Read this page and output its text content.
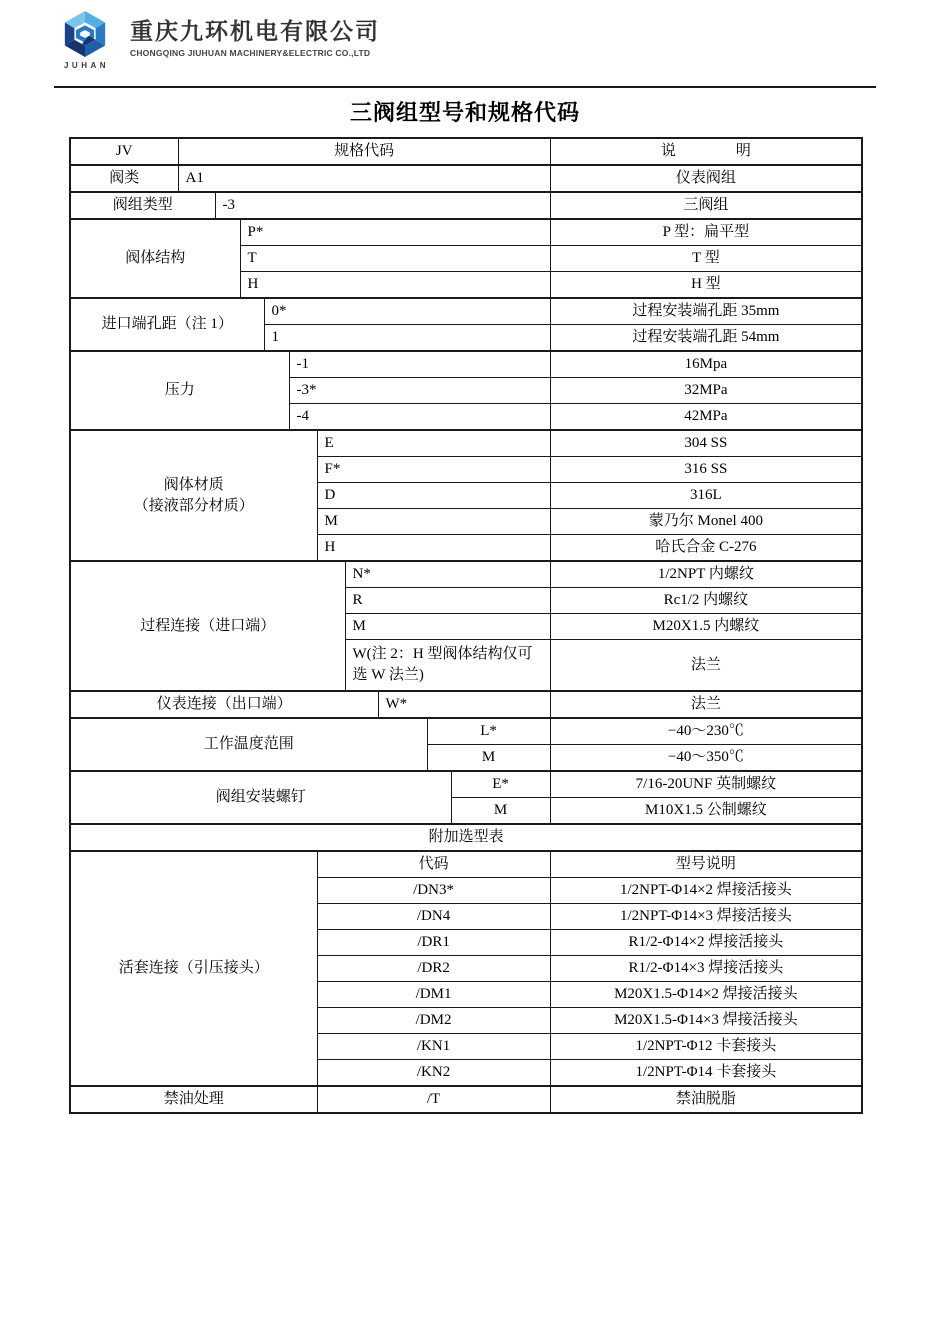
JUHAN
重庆九环机电有限公司
CHONGQING JIUHUAN MACHINERY&ELECTRIC CO.,LTD
三阀组型号和规格代码
JV	规格代码										说　　　　明
阀类	A1										仪表阀组
阀组类型		-3									三阀组
阀体结构			P*								P 型：扁平型
			T								T 型
			H								H 型
进口端孔距（注 1）				0*							过程安装端孔距 35mm
				1							过程安装端孔距 54mm
压力					-1						16Mpa
					-3*						32MPa
					-4						42MPa

阀体材质
（接液部分材质）						E					304 SS
						F*					316 SS
						D					316L
						M					蒙乃尔 Monel 400
						H					哈氏合金 C-276
过程连接（进口端）							N*				1/2NPT 内螺纹
							R				Rc1/2 内螺纹
							M				M20X1.5 内螺纹
							W(注 2：H 型阀体结构仅可选 W 法兰)				法兰
仪表连接（出口端）								W*			法兰
工作温度范围									L*		−40～230℃
									M		−40～350℃
阀组安装螺钉										E*	7/16-20UNF 英制螺纹
										M	M10X1.5 公制螺纹
附加选型表											
活套连接（引压接头）						代码					型号说明
						/DN3*					1/2NPT-Φ14×2 焊接活接头
						/DN4					1/2NPT-Φ14×3 焊接活接头
						/DR1					R1/2-Φ14×2 焊接活接头
						/DR2					R1/2-Φ14×3 焊接活接头
						/DM1					M20X1.5-Φ14×2 焊接活接头
						/DM2					M20X1.5-Φ14×3 焊接活接头
						/KN1					1/2NPT-Φ12 卡套接头
						/KN2					1/2NPT-Φ14 卡套接头
禁油处理						/T					禁油脱脂
